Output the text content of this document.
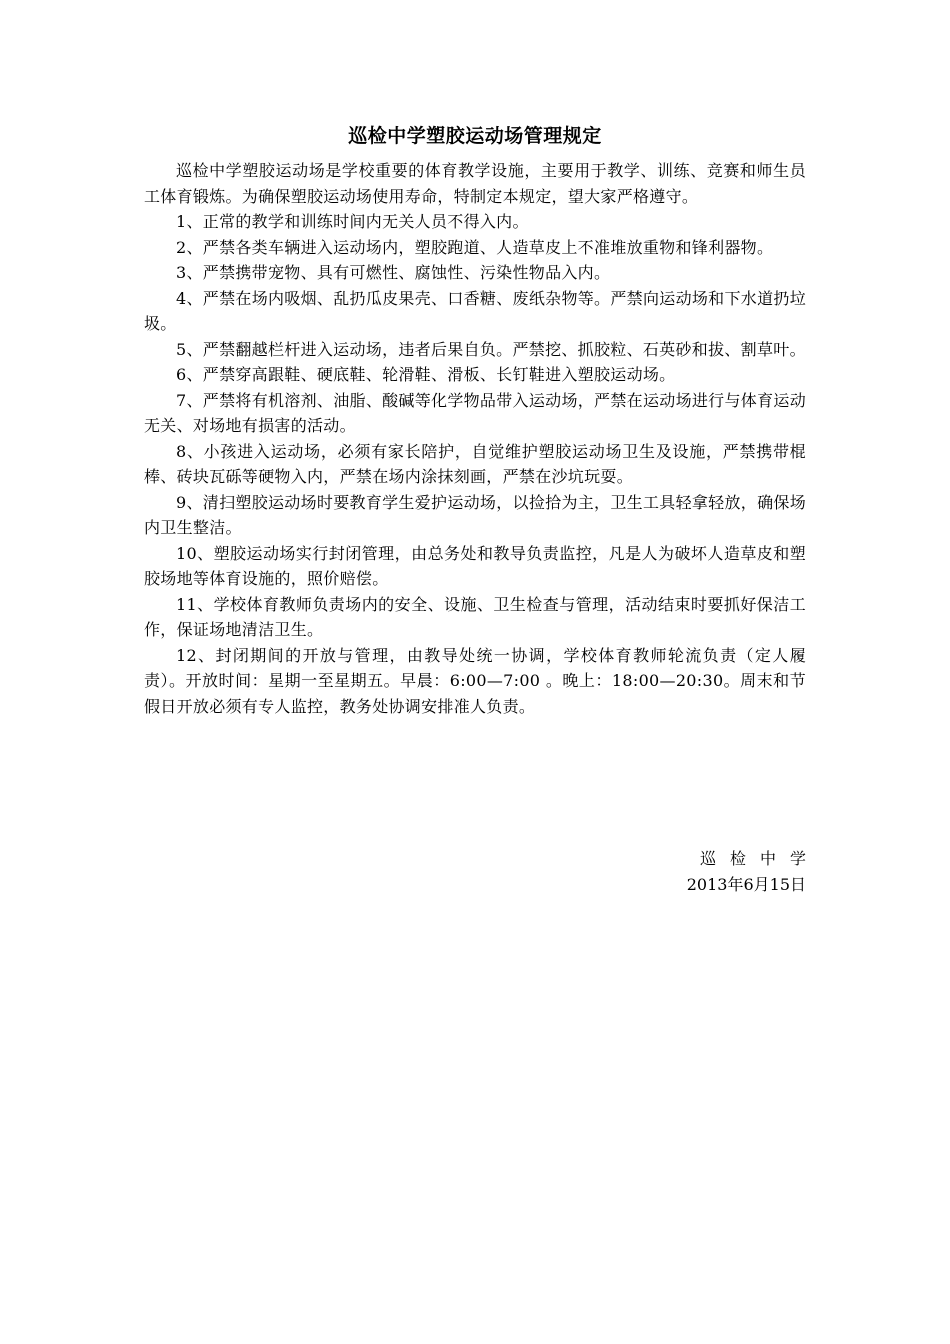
巡检中学塑胶运动场管理规定

巡检中学塑胶运动场是学校重要的体育教学设施，主要用于教学、训练、竞赛和师生员工体育锻炼。为确保塑胶运动场使用寿命，特制定本规定，望大家严格遵守。

1、正常的教学和训练时间内无关人员不得入内。

2、严禁各类车辆进入运动场内，塑胶跑道、人造草皮上不准堆放重物和锋利器物。

3、严禁携带宠物、具有可燃性、腐蚀性、污染性物品入内。

4、严禁在场内吸烟、乱扔瓜皮果壳、口香糖、废纸杂物等。严禁向运动场和下水道扔垃圾。

5、严禁翻越栏杆进入运动场，违者后果自负。严禁挖、抓胶粒、石英砂和拔、割草叶。

6、严禁穿高跟鞋、硬底鞋、轮滑鞋、滑板、长钉鞋进入塑胶运动场。

7、严禁将有机溶剂、油脂、酸碱等化学物品带入运动场，严禁在运动场进行与体育运动无关、对场地有损害的活动。

8、小孩进入运动场，必须有家长陪护，自觉维护塑胶运动场卫生及设施，严禁携带棍棒、砖块瓦砾等硬物入内，严禁在场内涂抹刻画，严禁在沙坑玩耍。

9、清扫塑胶运动场时要教育学生爱护运动场，以捡拾为主，卫生工具轻拿轻放，确保场内卫生整洁。

10、塑胶运动场实行封闭管理，由总务处和教导负责监控，凡是人为破坏人造草皮和塑胶场地等体育设施的，照价赔偿。

11、学校体育教师负责场内的安全、设施、卫生检查与管理，活动结束时要抓好保洁工作，保证场地清洁卫生。

12、封闭期间的开放与管理，由教导处统一协调，学校体育教师轮流负责（定人履责）。开放时间：星期一至星期五。早晨：6:00—7:00 。晚上：18:00—20:30。周末和节假日开放必须有专人监控，教务处协调安排准人负责。

巡检中学
2013年6月15日
